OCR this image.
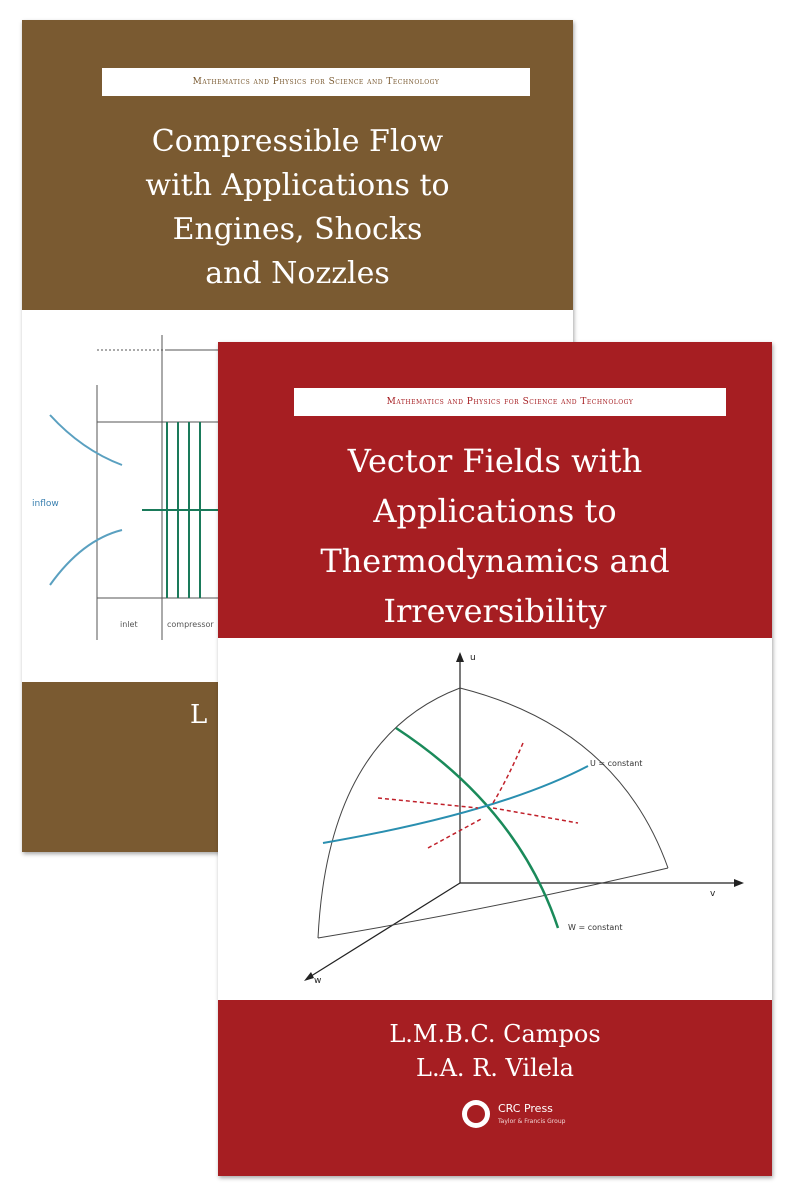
Mathematics and Physics for Science and Technology
Compressible Flow
with Applications to
Engines, Shocks
and Nozzles
inflow
inlet	compressor
L
Mathematics and Physics for Science and Technology
Vector Fields with
Applications to
Thermodynamics and
Irreversibility
u
v
w
U = constant
W = constant
L.M.B.C. Campos
L.A. R. Vilela
CRC Press
Taylor & Francis Group
